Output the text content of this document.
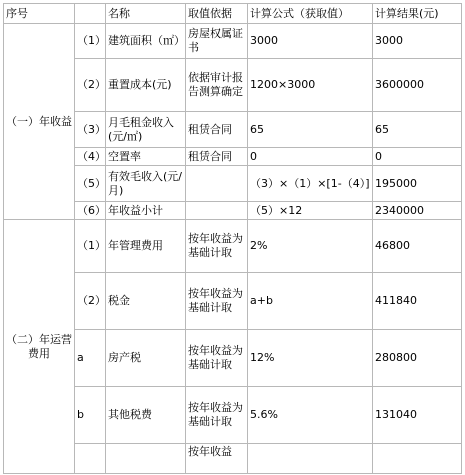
序号		名称	取值依据	计算公式（获取值）	计算结果(元)
（一）年收益	（1）	建筑面积（㎡）	房屋权属证书	3000	3000
	（2）	重置成本(元)	依据审计报告测算确定	1200×3000	3600000
	（3）	月毛租金收入(元/㎡)	租赁合同	65	65
	（4）	空置率	租赁合同	0	0
	（5）	有效毛收入(元/月)		（3）×（1）×[1-（4）]	195000
	（6）	年收益小计		（5）×12	2340000
（二）年运营费用	（1）	年管理费用	按年收益为基础计取	2%	46800
	（2）	税金	按年收益为基础计取	a+b	411840
	a	房产税	按年收益为基础计取	12%	280800
	b	其他税费	按年收益为基础计取	5.6%	131040
			按年收益		
